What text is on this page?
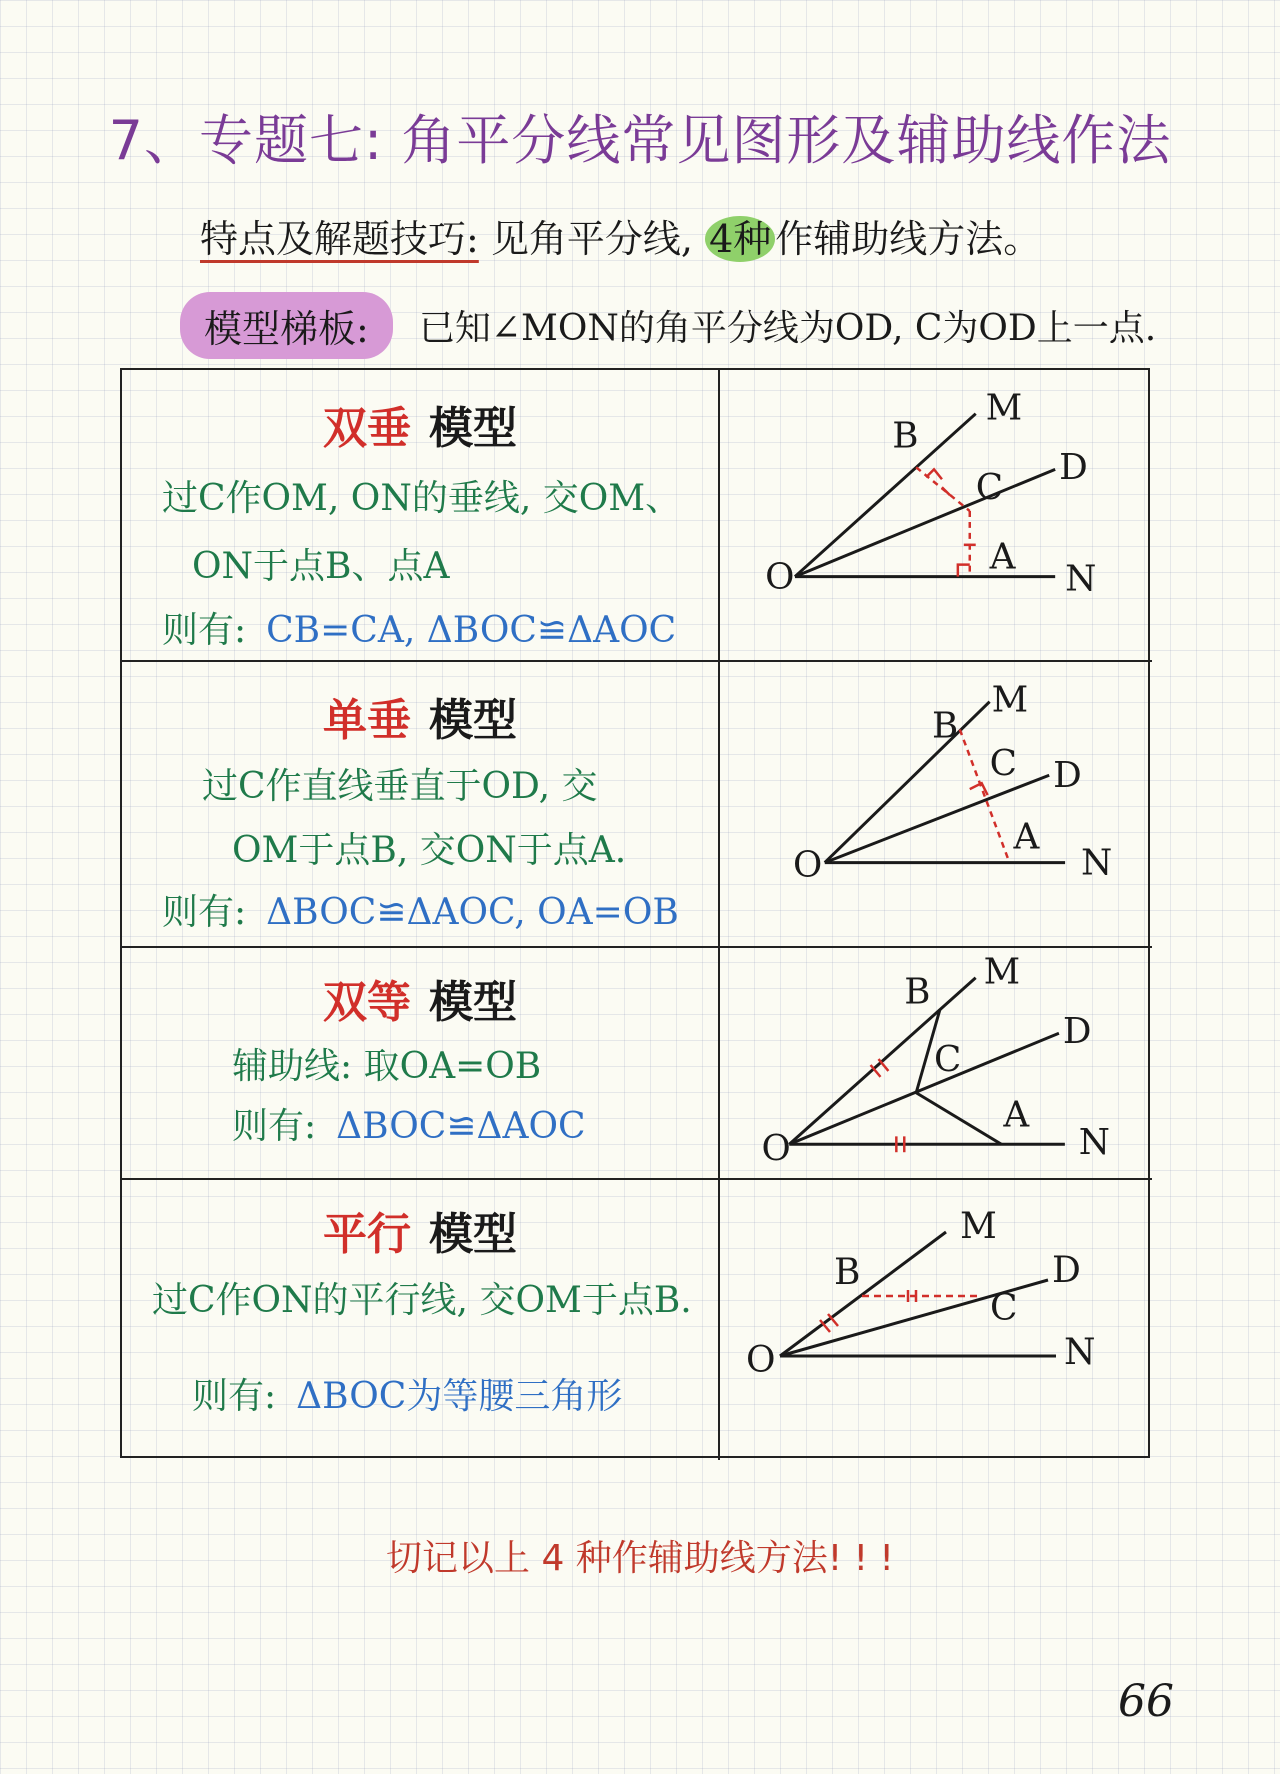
7、专题七: 角平分线常见图形及辅助线作法
特点及解题技巧: 见角平分线, 4种 作辅助线方法。
模型梯板:	已知∠MON的角平分线为OD, C为OD上一点.
双垂 模型
过C作OM, ON的垂线, 交OM、
ON于点B、点A
则有: CB=CA, ΔBOC≌ΔAOC
O
B
M
C D
A
N
单垂 模型
过C作直线垂直于OD, 交
OM于点B, 交ON于点A.
则有: ΔBOC≌ΔAOC, OA=OB
B
M
C D
A
O	N
双等 模型
辅助线: 取OA=OB
则有: ΔBOC≌ΔAOC
O
B M
C
D
A
N
平行 模型
过C作ON的平行线, 交OM于点B.
则有: ΔBOC为等腰三角形
O
B
M
C
D
N
切记以上 4 种作辅助线方法! ! !
66
